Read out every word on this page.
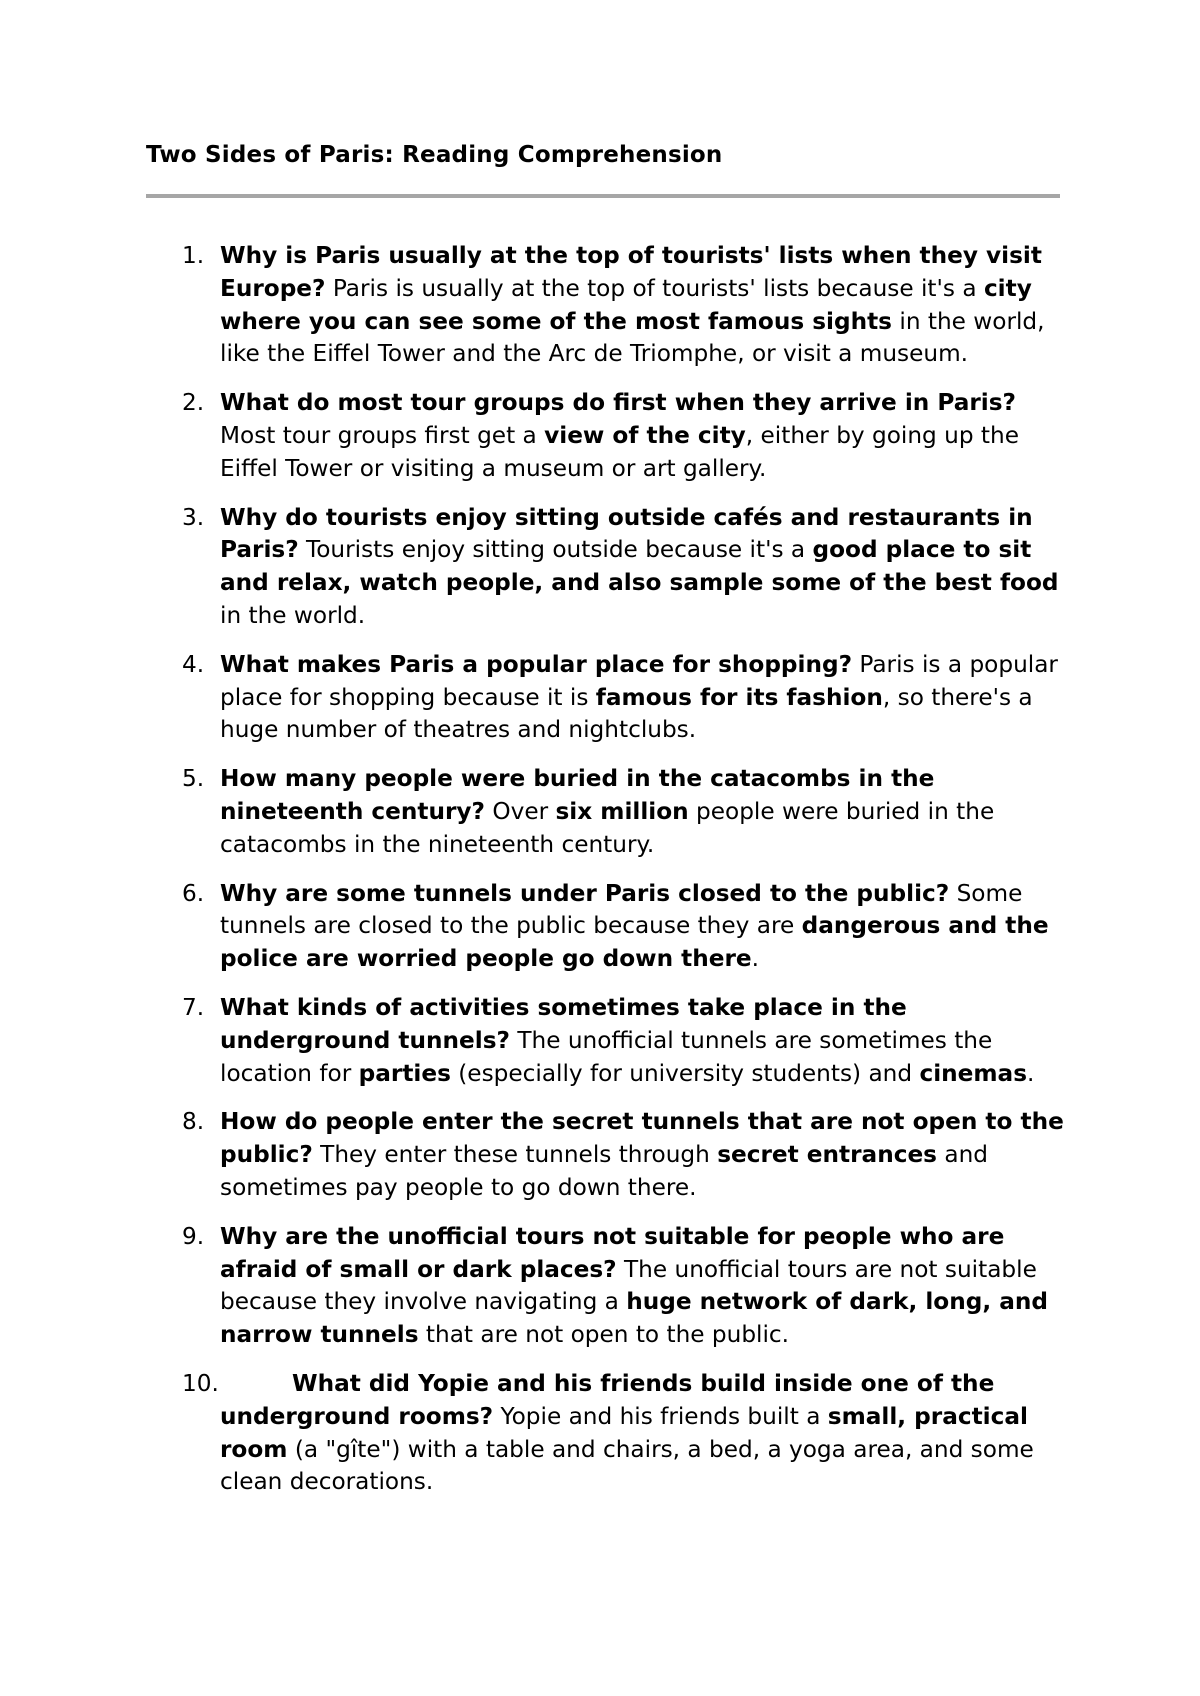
Two Sides of Paris: Reading Comprehension
1. Why is Paris usually at the top of tourists' lists when they visit Europe? Paris is usually at the top of tourists' lists because it's a city where you can see some of the most famous sights in the world, like the Eiffel Tower and the Arc de Triomphe, or visit a museum.
2. What do most tour groups do first when they arrive in Paris? Most tour groups first get a view of the city, either by going up the Eiffel Tower or visiting a museum or art gallery.
3. Why do tourists enjoy sitting outside cafés and restaurants in Paris? Tourists enjoy sitting outside because it's a good place to sit and relax, watch people, and also sample some of the best food in the world.
4. What makes Paris a popular place for shopping? Paris is a popular place for shopping because it is famous for its fashion, so there's a huge number of theatres and nightclubs.
5. How many people were buried in the catacombs in the nineteenth century? Over six million people were buried in the catacombs in the nineteenth century.
6. Why are some tunnels under Paris closed to the public? Some tunnels are closed to the public because they are dangerous and the police are worried people go down there.
7. What kinds of activities sometimes take place in the underground tunnels? The unofficial tunnels are sometimes the location for parties (especially for university students) and cinemas.
8. How do people enter the secret tunnels that are not open to the public? They enter these tunnels through secret entrances and sometimes pay people to go down there.
9. Why are the unofficial tours not suitable for people who are afraid of small or dark places? The unofficial tours are not suitable because they involve navigating a huge network of dark, long, and narrow tunnels that are not open to the public.
10.	What did Yopie and his friends build inside one of the underground rooms? Yopie and his friends built a small, practical room (a "gîte") with a table and chairs, a bed, a yoga area, and some clean decorations.
